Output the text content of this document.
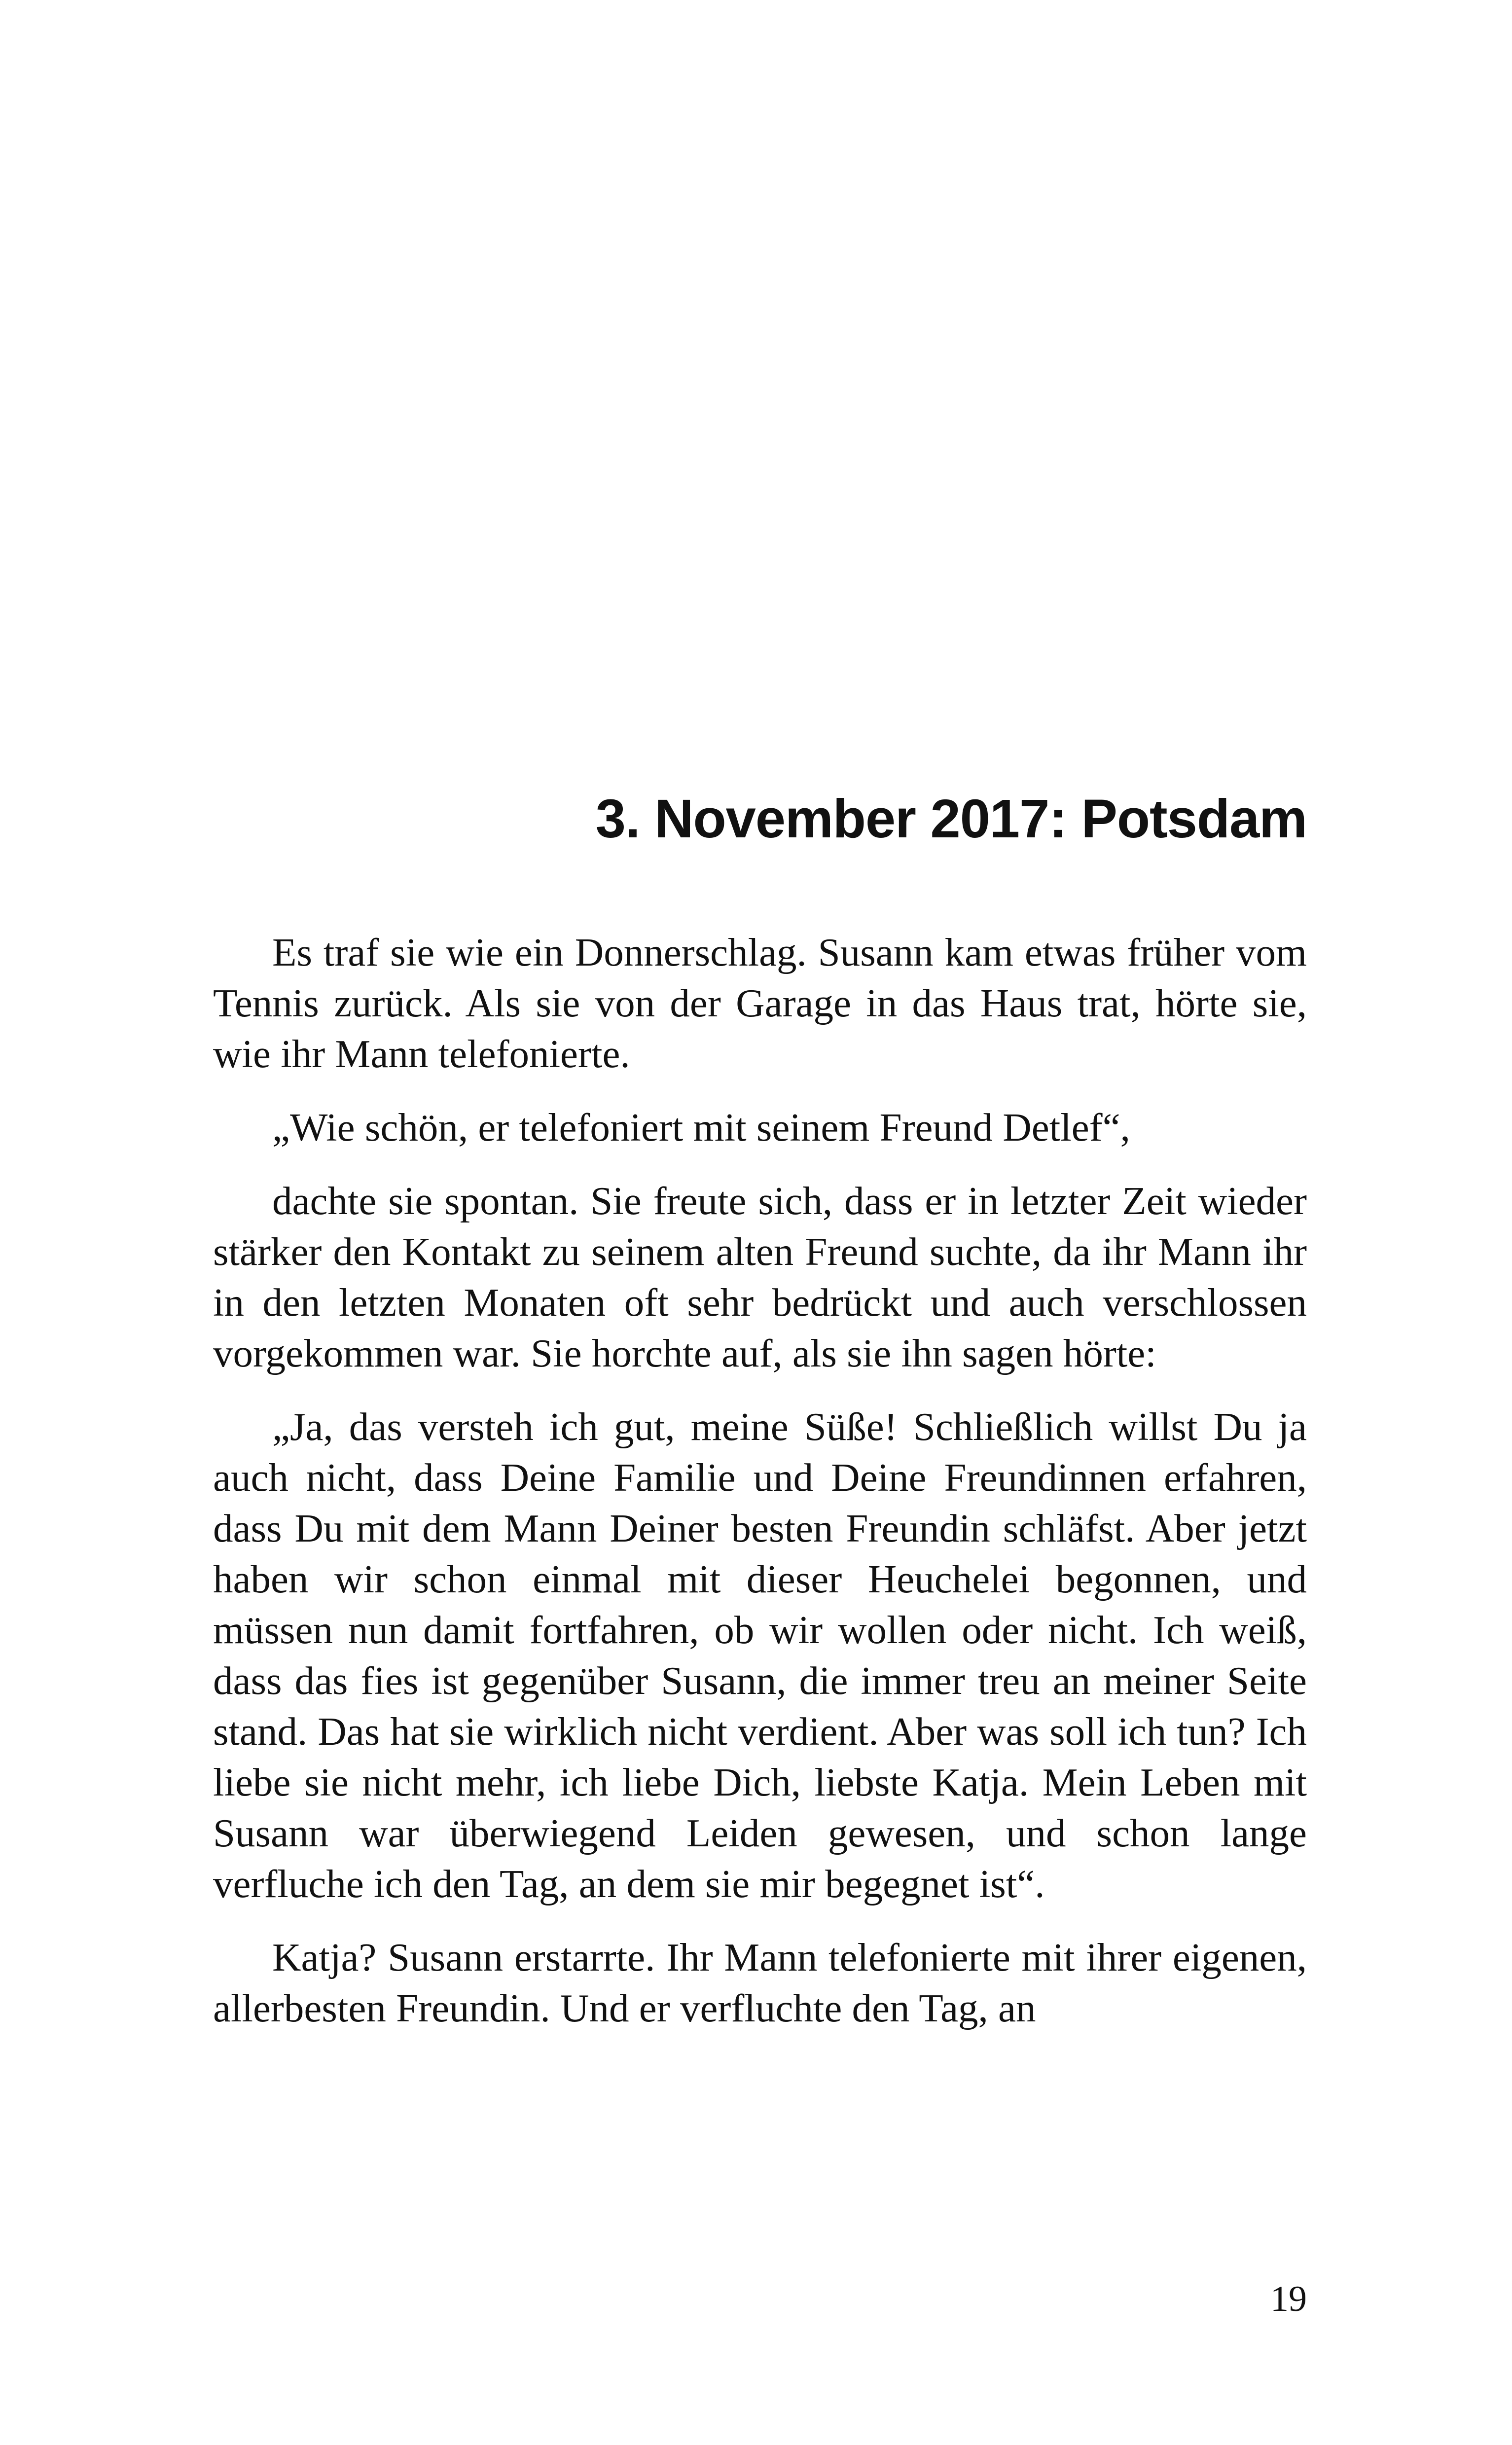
3. November 2017: Potsdam

Es traf sie wie ein Donnerschlag. Susann kam etwas früher vom Tennis zurück. Als sie von der Garage in das Haus trat, hörte sie, wie ihr Mann telefonierte.

„Wie schön, er telefoniert mit seinem Freund Detlef“,

dachte sie spontan. Sie freute sich, dass er in letzter Zeit wieder stärker den Kontakt zu seinem alten Freund suchte, da ihr Mann ihr in den letzten Monaten oft sehr bedrückt und auch verschlossen vorgekommen war. Sie horchte auf, als sie ihn sagen hörte:

„Ja, das versteh ich gut, meine Süße! Schließlich willst Du ja auch nicht, dass Deine Familie und Deine Freundinnen erfahren, dass Du mit dem Mann Deiner besten Freundin schläfst. Aber jetzt haben wir schon einmal mit dieser Heuchelei begonnen, und müssen nun damit fortfahren, ob wir wollen oder nicht. Ich weiß, dass das fies ist gegenüber Susann, die immer treu an meiner Seite stand. Das hat sie wirklich nicht verdient. Aber was soll ich tun? Ich liebe sie nicht mehr, ich liebe Dich, liebste Katja. Mein Leben mit Susann war überwiegend Leiden gewesen, und schon lange verfluche ich den Tag, an dem sie mir begegnet ist“.

Katja? Susann erstarrte. Ihr Mann telefonierte mit ihrer eigenen, allerbesten Freundin. Und er verfluchte den Tag, an

19
